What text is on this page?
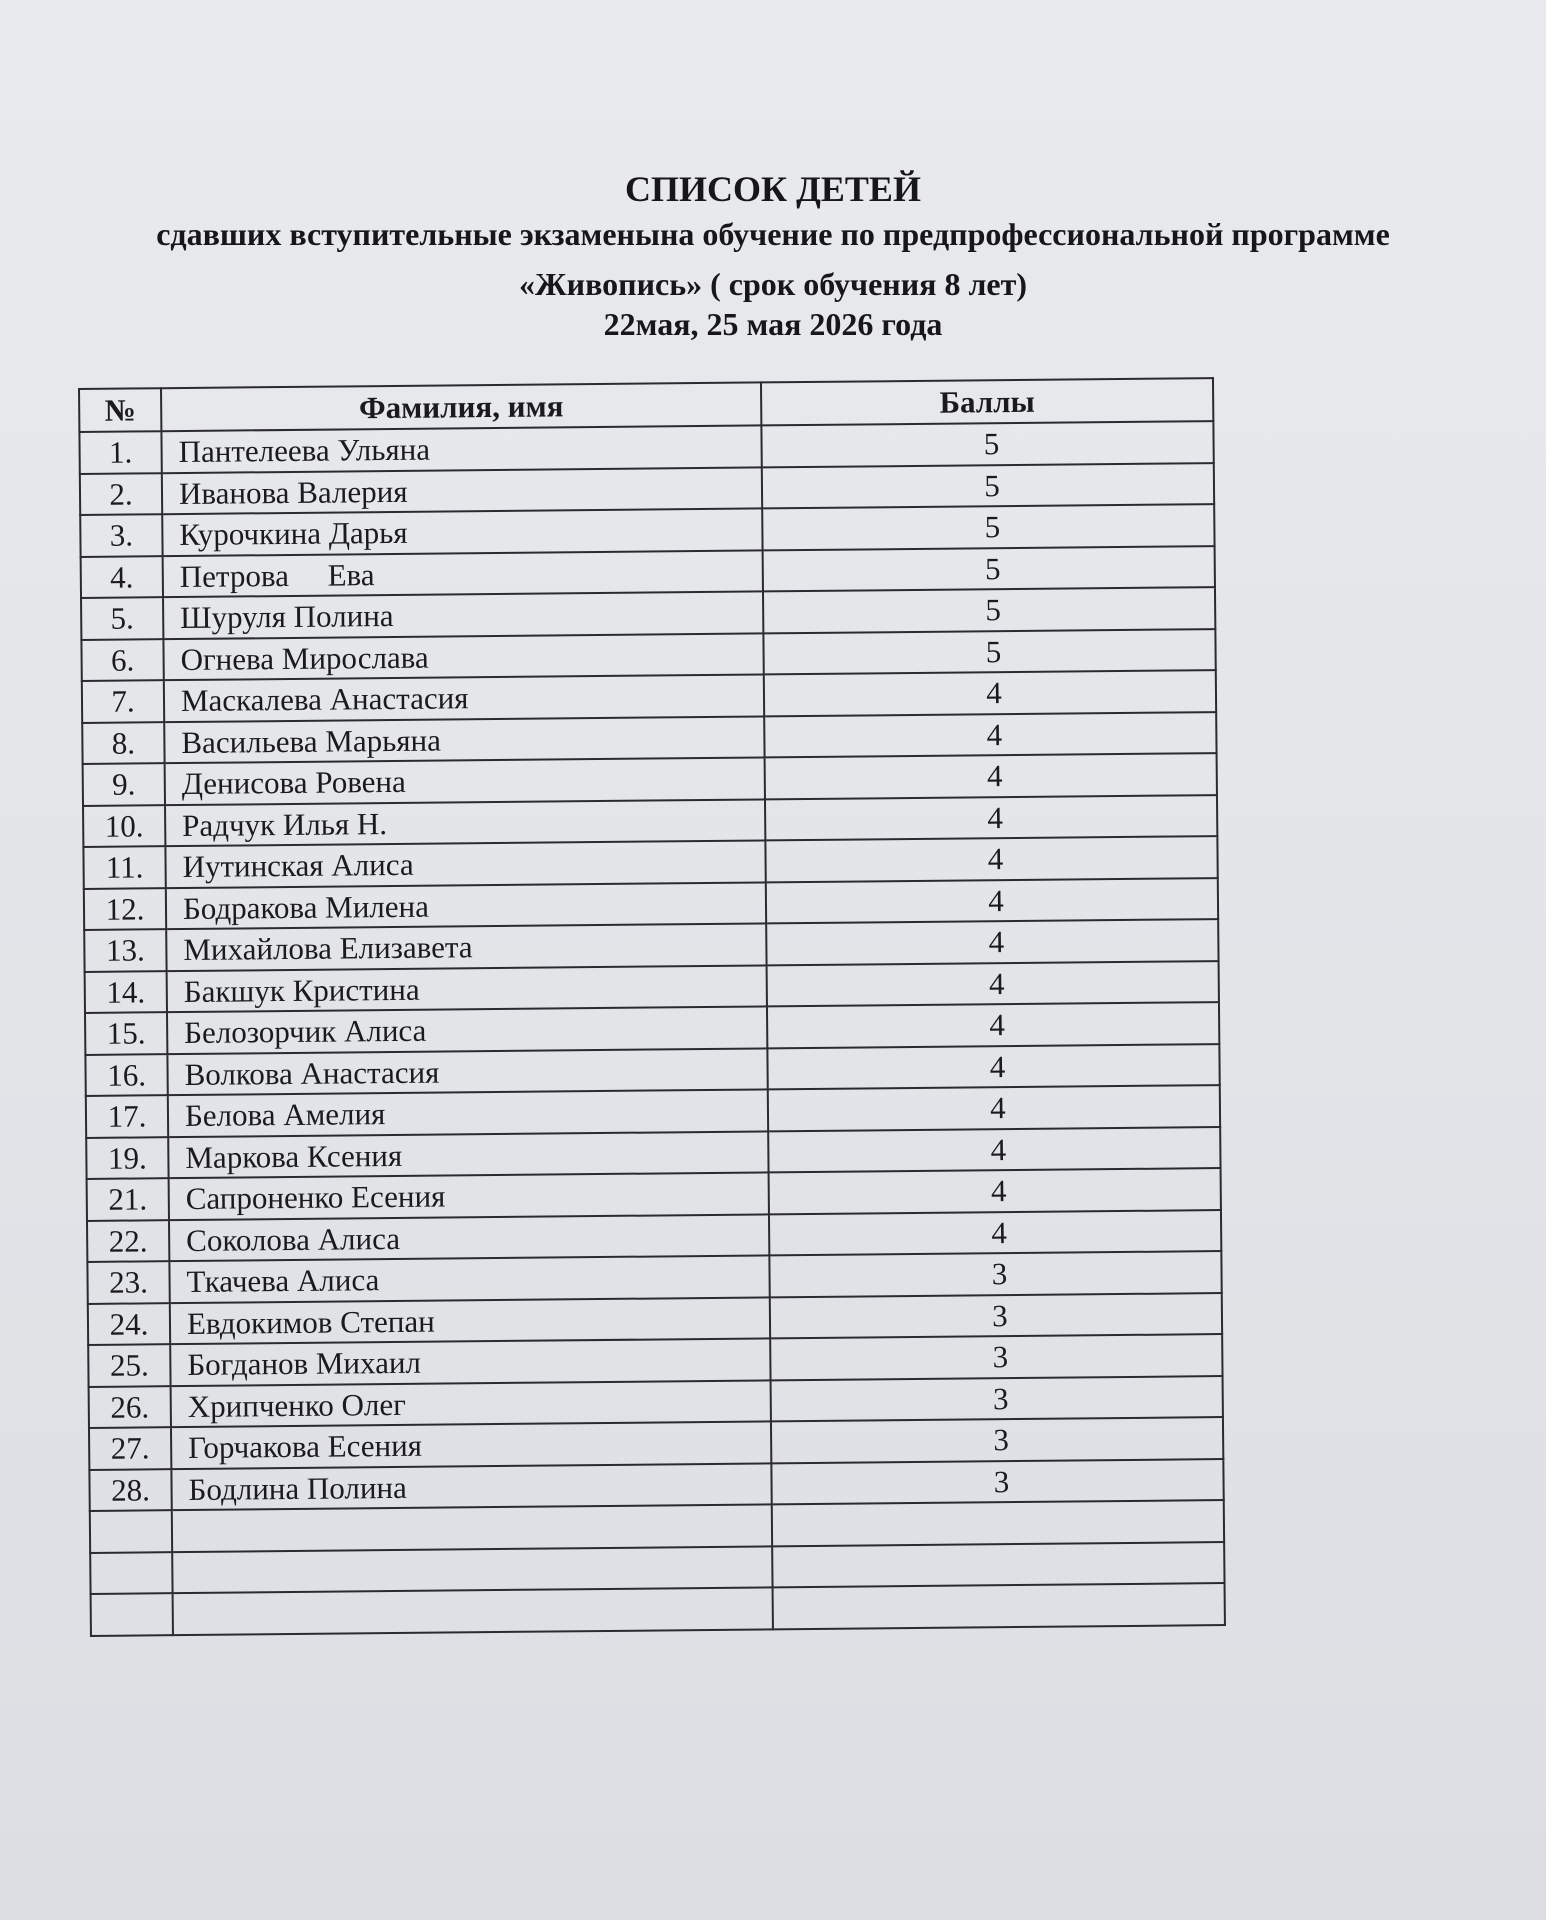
СПИСОК ДЕТЕЙ
сдавших вступительные экзаменына обучение по предпрофессиональной программе
«Живопись» ( срок обучения 8 лет)
22мая, 25 мая 2026 года
№	Фамилия, имя	Баллы
1.	Пантелеева Ульяна	5
2.	Иванова Валерия	5
3.	Курочкина Дарья	5
4.	Петрова     Ева	5
5.	Шуруля Полина	5
6.	Огнева Мирослава	5
7.	Маскалева Анастасия	4
8.	Васильева Марьяна	4
9.	Денисова Ровена	4
10.	Радчук Илья Н.	4
11.	Иутинская Алиса	4
12.	Бодракова Милена	4
13.	Михайлова Елизавета	4
14.	Бакшук Кристина	4
15.	Белозорчик Алиса	4
16.	Волкова Анастасия	4
17.	Белова Амелия	4
19.	Маркова Ксения	4
21.	Сапроненко Есения	4
22.	Соколова Алиса	4
23.	Ткачева Алиса	3
24.	Евдокимов Степан	3
25.	Богданов Михаил	3
26.	Хрипченко Олег	3
27.	Горчакова Есения	3
28.	Бодлина Полина	3
